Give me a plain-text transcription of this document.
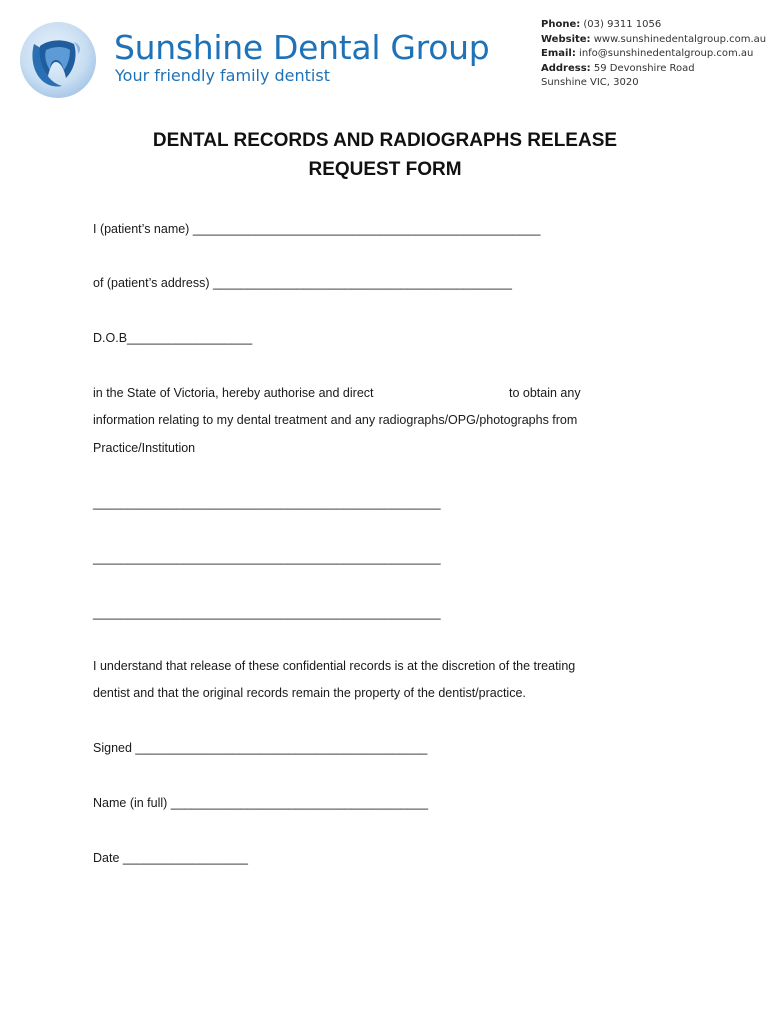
Sunshine Dental Group
Your friendly family dentist
Phone: (03) 9311 1056
Website: www.sunshinedentalgroup.com.au
Email: info@sunshinedentalgroup.com.au
Address: 59 Devonshire Road
Sunshine VIC, 3020
DENTAL RECORDS AND RADIOGRAPHS RELEASE
REQUEST FORM
I (patient’s name) __________________________________________________
of (patient’s address) ___________________________________________
D.O.B__________________
in the State of Victoria, hereby authorise and direct	to obtain any
information relating to my dental treatment and any radiographs/OPG/photographs from
Practice/Institution
__________________________________________________
__________________________________________________
__________________________________________________
I understand that release of these confidential records is at the discretion of the treating
dentist and that the original records remain the property of the dentist/practice.
Signed __________________________________________
Name (in full) _____________________________________
Date __________________
